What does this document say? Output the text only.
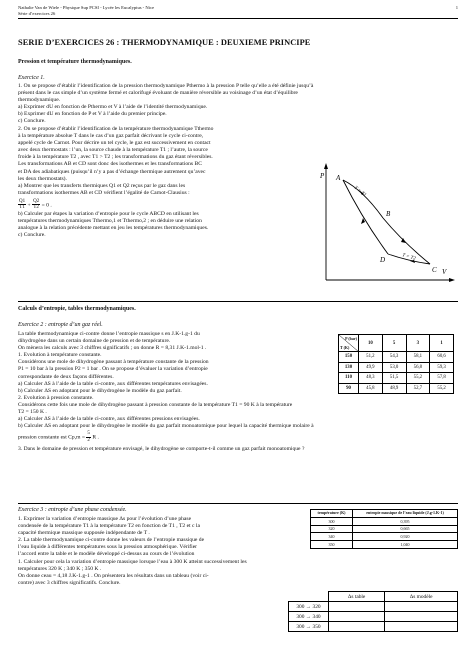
Nathalie Van de Wiele - Physique Sup PCSI - Lycée les Eucalyptus - Nice
Série d’exercices 26
1
SERIE D’EXERCICES 26 : THERMODYNAMIQUE : DEUXIEME PRINCIPE
Pression et température thermodynamiques.
Exercice 1.
1. On se propose d’établir l’identification de la pression thermodynamique Pthermo à la pression P telle qu’elle a été définie jusqu’à
présent dans le cas simple d’un système fermé et calorifugé évoluant de manière réversible au voisinage d’un état d’équilibre
thermodynamique.
a) Exprimer dU en fonction de Pthermo et V à l’aide de l’identité thermodynamique.
b) Exprimer dU en fonction de P et V à l’aide du premier principe.
c) Conclure.
2. On se propose d’établir l’identification de la température thermodynamique Tthermo
à la température absolue T dans le cas d’un gaz parfait décrivant le cycle ci-contre,
appelé cycle de Carnot. Pour décrire un tel cycle, le gaz est successivement en contact
avec deux thermostats : l’un, la source chaude à la température T1 ; l’autre, la source
froide à la température T2 , avec T1 > T2 ; les transformations du gaz étant réversibles.
Les transformations AB et CD sont donc des isothermes et les transformations BC
et DA des adiabatiques (puisqu’il n’y a pas d’échange thermique autrement qu’avec
les deux thermostats).
a) Montrer que les transferts thermiques Q1 et Q2 reçus par le gaz dans les
transformations isothermes AB et CD vérifient l’égalité de Carnot-Clausius :
$\frac{Q1}{T1} + \frac{Q2}{T2} = 0$ .
b) Calculer par étapes la variation d’entropie pour le cycle ABCD en utilisant les
températures thermodynamiques Tthermo,1 et Tthermo,2 ; en déduire une relation
analogue à la relation précédente mettant en jeu les températures thermodynamiques.
c) Conclure.
P
V
A
B
C
D
T = T1
T = T2
Calculs d’entropie, tables thermodynamiques.
Exercice 2 : entropie d’un gaz réel.
La table thermodynamique ci-contre donne l’entropie massique s en J.K-1.g-1 du
dihydrogène dans un certain domaine de pression et de température.
On mènera les calculs avec 3 chiffres significatifs ; on donne R = 8,31 J.K-1.mol-1 .
1. Evolution à température constante.
Considérons une mole de dihydrogène passant à température constante de la pression
P1 = 10 bar à la pression P2 = 1 bar . On se propose d’évaluer la variation d’entropie
correspondante de deux façons différentes.
a) Calculer ΔS à l’aide de la table ci-contre, aux différentes températures envisagées.
b) Calculer ΔS en adoptant pour le dihydrogène le modèle du gaz parfait.
2. Evolution à pression constante.
Considérons cette fois une mole de dihydrogène passant à pression constante de la température T1 = 90 K à la température
T2 = 150 K .
a) Calculer ΔS à l’aide de la table ci-contre, aux différentes pressions envisagées.
b) Calculer ΔS en adoptant pour le dihydrogène le modèle du gaz parfait monoatomique pour lequel la capacité thermique molaire à
pression constante est $Cp,m = \frac{5}{2}$ R .
3. Dans le domaine de pression et température envisagé, le dihydrogène se comporte-t-il comme un gaz parfait monoatomique ?
P (bar)
T (K)	10	5	3	1
150	51,2	54,3	58,1	60,6
130	49,9	53,0	56,8	59,3
110	48,3	51,5	55,2	57,8
90	45,8	48,9	52,7	55,2
Exercice 3 : entropie d’une phase condensée.
1. Exprimer la variation d’entropie massique Δs pour l’évolution d’une phase
condensée de la température T1 à la température T2 en fonction de T1 , T2 et c la
capacité thermique massique supposée indépendante de T .
2. La table thermodynamique ci-contre donne les valeurs de l’entropie massique de
l’eau liquide à différentes températures sous la pression atmosphérique. Vérifier
l’accord entre la table et le modèle développé ci-dessus au cours de l’évolution
1. Calculer pour cela la variation d’entropie massique lorsque l’eau à 300 K atteint successivement les
températures 320 K ; 340 K ; 350 K .
On donne ceau = 4,18 J.K-1.g-1 . On présentera les résultats dans un tableau (voir ci-
contre) avec 3 chiffres significatifs. Conclure.
température (K)	entropie massique de l’eau liquide (J.g-1.K-1)
300	0,395
320	0,665
340	0,920
350	1,040
	Δs table	Δs modèle
300 → 320		
300 → 340		
300 → 350		
